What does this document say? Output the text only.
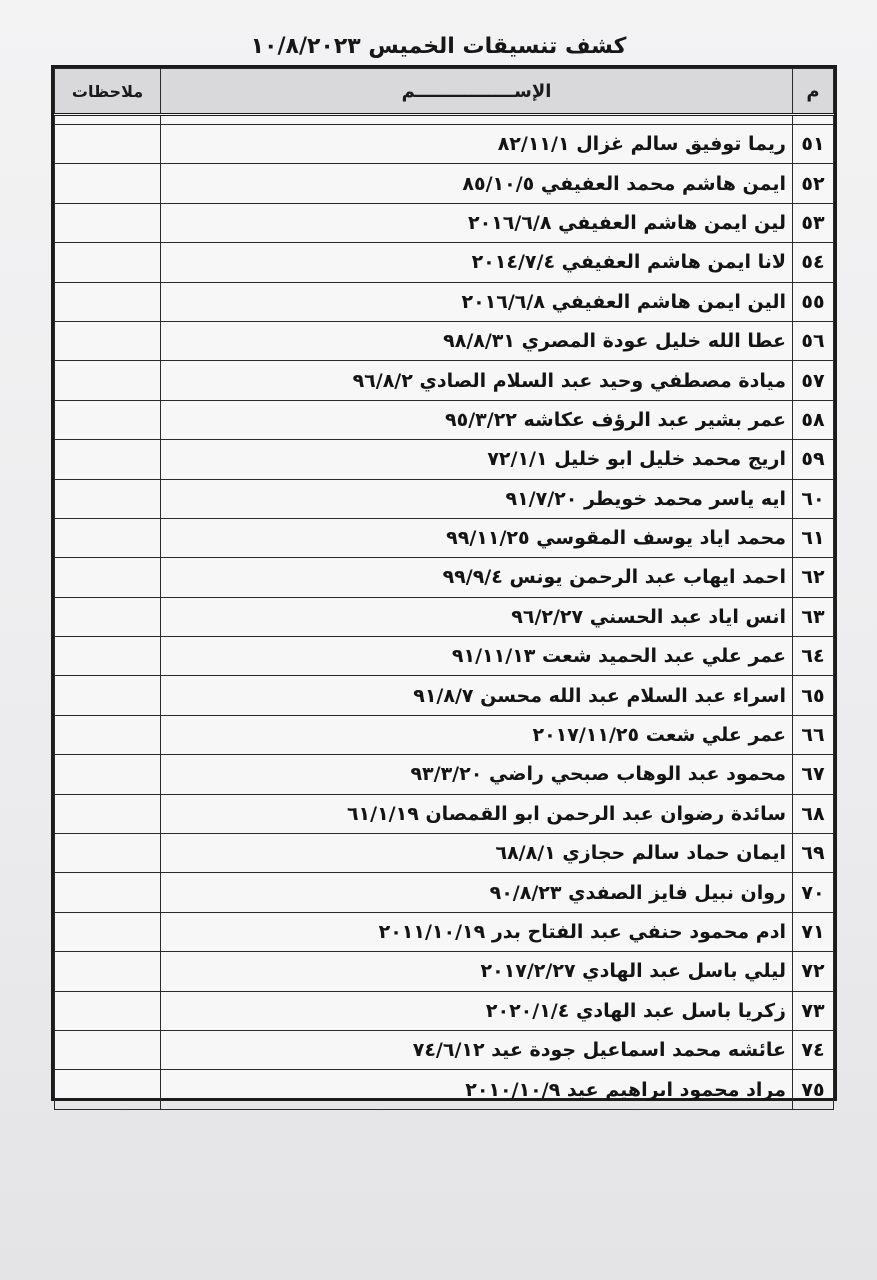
كشف تنسيقات الخميس ١٠/٨/٢٠٢٣
م	الإســــــــــــــــم	ملاحظات

٥١	ريما توفيق سالم غزال ٨٢/١١/١	
٥٢	ايمن هاشم محمد العفيفي ٨٥/١٠/٥	
٥٣	لين ايمن هاشم العفيفي ٢٠١٦/٦/٨	
٥٤	لانا ايمن هاشم العفيفي ٢٠١٤/٧/٤	
٥٥	الين ايمن هاشم العفيفي ٢٠١٦/٦/٨	
٥٦	عطا الله خليل عودة المصري ٩٨/٨/٣١	
٥٧	ميادة مصطفي وحيد عبد السلام الصادي ٩٦/٨/٢	
٥٨	عمر بشير عبد الرؤف عكاشه ٩٥/٣/٢٢	
٥٩	اريج محمد خليل ابو خليل ٧٢/١/١	
٦٠	ايه ياسر محمد خويطر ٩١/٧/٢٠	
٦١	محمد اياد يوسف المقوسي ٩٩/١١/٢٥	
٦٢	احمد ايهاب عبد الرحمن يونس ٩٩/٩/٤	
٦٣	انس اياد عبد الحسني ٩٦/٢/٢٧	
٦٤	عمر علي عبد الحميد شعت ٩١/١١/١٣	
٦٥	اسراء عبد السلام عبد الله محسن ٩١/٨/٧	
٦٦	عمر علي شعت ٢٠١٧/١١/٢٥	
٦٧	محمود عبد الوهاب صبحي راضي ٩٣/٣/٢٠	
٦٨	سائدة رضوان عبد الرحمن ابو القمصان ٦١/١/١٩	
٦٩	ايمان حماد سالم حجازي ٦٨/٨/١	
٧٠	روان نبيل فايز الصفدي ٩٠/٨/٢٣	
٧١	ادم محمود حنفي عبد الفتاح بدر ٢٠١١/١٠/١٩	
٧٢	ليلي باسل عبد الهادي ٢٠١٧/٢/٢٧	
٧٣	زكريا باسل عبد الهادي ٢٠٢٠/١/٤	
٧٤	عائشه محمد اسماعيل جودة عيد ٧٤/٦/١٢	
٧٥	مراد محمود ابراهيم عيد ٢٠١٠/١٠/٩	
